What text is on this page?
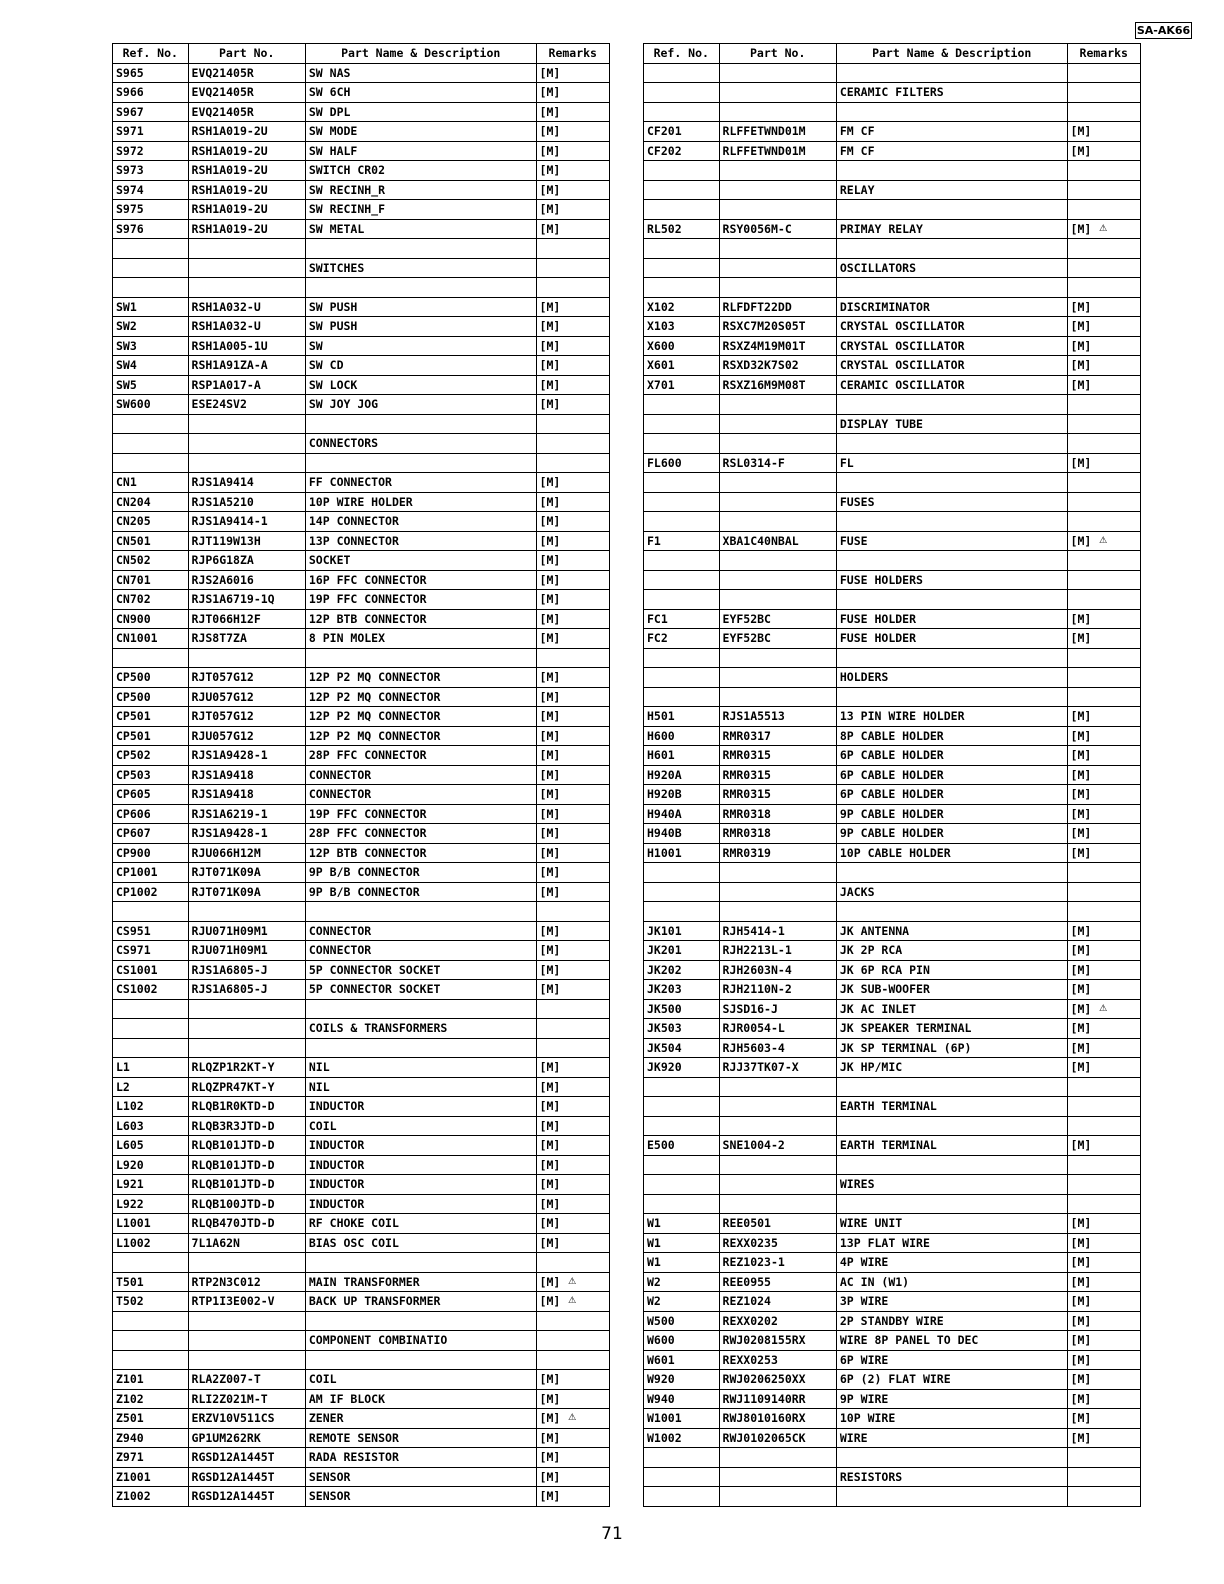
SA-AK66
Ref. No.	Part No.	Part Name & Description	Remarks
S965	EVQ21405R	SW NAS	[M]
S966	EVQ21405R	SW 6CH	[M]
S967	EVQ21405R	SW DPL	[M]
S971	RSH1A019-2U	SW MODE	[M]
S972	RSH1A019-2U	SW HALF	[M]
S973	RSH1A019-2U	SWITCH CR02	[M]
S974	RSH1A019-2U	SW RECINH_R	[M]
S975	RSH1A019-2U	SW RECINH_F	[M]
S976	RSH1A019-2U	SW METAL	[M]

		SWITCHES	

SW1	RSH1A032-U	SW PUSH	[M]
SW2	RSH1A032-U	SW PUSH	[M]
SW3	RSH1A005-1U	SW	[M]
SW4	RSH1A91ZA-A	SW CD	[M]
SW5	RSP1A017-A	SW LOCK	[M]
SW600	ESE24SV2	SW JOY JOG	[M]

		CONNECTORS	

CN1	RJS1A9414	FF CONNECTOR	[M]
CN204	RJS1A5210	10P WIRE HOLDER	[M]
CN205	RJS1A9414-1	14P CONNECTOR	[M]
CN501	RJT119W13H	13P CONNECTOR	[M]
CN502	RJP6G18ZA	SOCKET	[M]
CN701	RJS2A6016	16P FFC CONNECTOR	[M]
CN702	RJS1A6719-1Q	19P FFC CONNECTOR	[M]
CN900	RJT066H12F	12P BTB CONNECTOR	[M]
CN1001	RJS8T7ZA	8 PIN MOLEX	[M]

CP500	RJT057G12	12P P2 MQ CONNECTOR	[M]
CP500	RJU057G12	12P P2 MQ CONNECTOR	[M]
CP501	RJT057G12	12P P2 MQ CONNECTOR	[M]
CP501	RJU057G12	12P P2 MQ CONNECTOR	[M]
CP502	RJS1A9428-1	28P FFC CONNECTOR	[M]
CP503	RJS1A9418	CONNECTOR	[M]
CP605	RJS1A9418	CONNECTOR	[M]
CP606	RJS1A6219-1	19P FFC CONNECTOR	[M]
CP607	RJS1A9428-1	28P FFC CONNECTOR	[M]
CP900	RJU066H12M	12P BTB CONNECTOR	[M]
CP1001	RJT071K09A	9P B/B CONNECTOR	[M]
CP1002	RJT071K09A	9P B/B CONNECTOR	[M]

CS951	RJU071H09M1	CONNECTOR	[M]
CS971	RJU071H09M1	CONNECTOR	[M]
CS1001	RJS1A6805-J	5P CONNECTOR SOCKET	[M]
CS1002	RJS1A6805-J	5P CONNECTOR SOCKET	[M]

		COILS & TRANSFORMERS	

L1	RLQZP1R2KT-Y	NIL	[M]
L2	RLQZPR47KT-Y	NIL	[M]
L102	RLQB1R0KTD-D	INDUCTOR	[M]
L603	RLQB3R3JTD-D	COIL	[M]
L605	RLQB101JTD-D	INDUCTOR	[M]
L920	RLQB101JTD-D	INDUCTOR	[M]
L921	RLQB101JTD-D	INDUCTOR	[M]
L922	RLQB100JTD-D	INDUCTOR	[M]
L1001	RLQB470JTD-D	RF CHOKE COIL	[M]
L1002	7L1A62N	BIAS OSC COIL	[M]

T501	RTP2N3C012	MAIN TRANSFORMER	[M] ⚠
T502	RTP1I3E002-V	BACK UP TRANSFORMER	[M] ⚠

		COMPONENT COMBINATIO	

Z101	RLA2Z007-T	COIL	[M]
Z102	RLI2Z021M-T	AM IF BLOCK	[M]
Z501	ERZV10V511CS	ZENER	[M] ⚠
Z940	GP1UM262RK	REMOTE SENSOR	[M]
Z971	RGSD12A1445T	RADA RESISTOR	[M]
Z1001	RGSD12A1445T	SENSOR	[M]
Z1002	RGSD12A1445T	SENSOR	[M]
Ref. No.	Part No.	Part Name & Description	Remarks

		CERAMIC FILTERS	

CF201	RLFFETWND01M	FM CF	[M]
CF202	RLFFETWND01M	FM CF	[M]

		RELAY	

RL502	RSY0056M-C	PRIMAY RELAY	[M] ⚠

		OSCILLATORS	

X102	RLFDFT22DD	DISCRIMINATOR	[M]
X103	RSXC7M20S05T	CRYSTAL OSCILLATOR	[M]
X600	RSXZ4M19M01T	CRYSTAL OSCILLATOR	[M]
X601	RSXD32K7S02	CRYSTAL OSCILLATOR	[M]
X701	RSXZ16M9M08T	CERAMIC OSCILLATOR	[M]

		DISPLAY TUBE	

FL600	RSL0314-F	FL	[M]

		FUSES	

F1	XBA1C40NBAL	FUSE	[M] ⚠

		FUSE HOLDERS	

FC1	EYF52BC	FUSE HOLDER	[M]
FC2	EYF52BC	FUSE HOLDER	[M]

		HOLDERS	

H501	RJS1A5513	13 PIN WIRE HOLDER	[M]
H600	RMR0317	8P CABLE HOLDER	[M]
H601	RMR0315	6P CABLE HOLDER	[M]
H920A	RMR0315	6P CABLE HOLDER	[M]
H920B	RMR0315	6P CABLE HOLDER	[M]
H940A	RMR0318	9P CABLE HOLDER	[M]
H940B	RMR0318	9P CABLE HOLDER	[M]
H1001	RMR0319	10P CABLE HOLDER	[M]

		JACKS	

JK101	RJH5414-1	JK ANTENNA	[M]
JK201	RJH2213L-1	JK 2P RCA	[M]
JK202	RJH2603N-4	JK 6P RCA PIN	[M]
JK203	RJH2110N-2	JK SUB-WOOFER	[M]
JK500	SJSD16-J	JK AC INLET	[M] ⚠
JK503	RJR0054-L	JK SPEAKER TERMINAL	[M]
JK504	RJH5603-4	JK SP TERMINAL (6P)	[M]
JK920	RJJ37TK07-X	JK HP/MIC	[M]

		EARTH TERMINAL	

E500	SNE1004-2	EARTH TERMINAL	[M]

		WIRES	

W1	REE0501	WIRE UNIT	[M]
W1	REXX0235	13P FLAT WIRE	[M]
W1	REZ1023-1	4P WIRE	[M]
W2	REE0955	AC IN (W1)	[M]
W2	REZ1024	3P WIRE	[M]
W500	REXX0202	2P STANDBY WIRE	[M]
W600	RWJ0208155RX	WIRE 8P PANEL TO DEC	[M]
W601	REXX0253	6P WIRE	[M]
W920	RWJ0206250XX	6P (2) FLAT WIRE	[M]
W940	RWJ1109140RR	9P WIRE	[M]
W1001	RWJ8010160RX	10P WIRE	[M]
W1002	RWJ0102065CK	WIRE	[M]

		RESISTORS	

71
